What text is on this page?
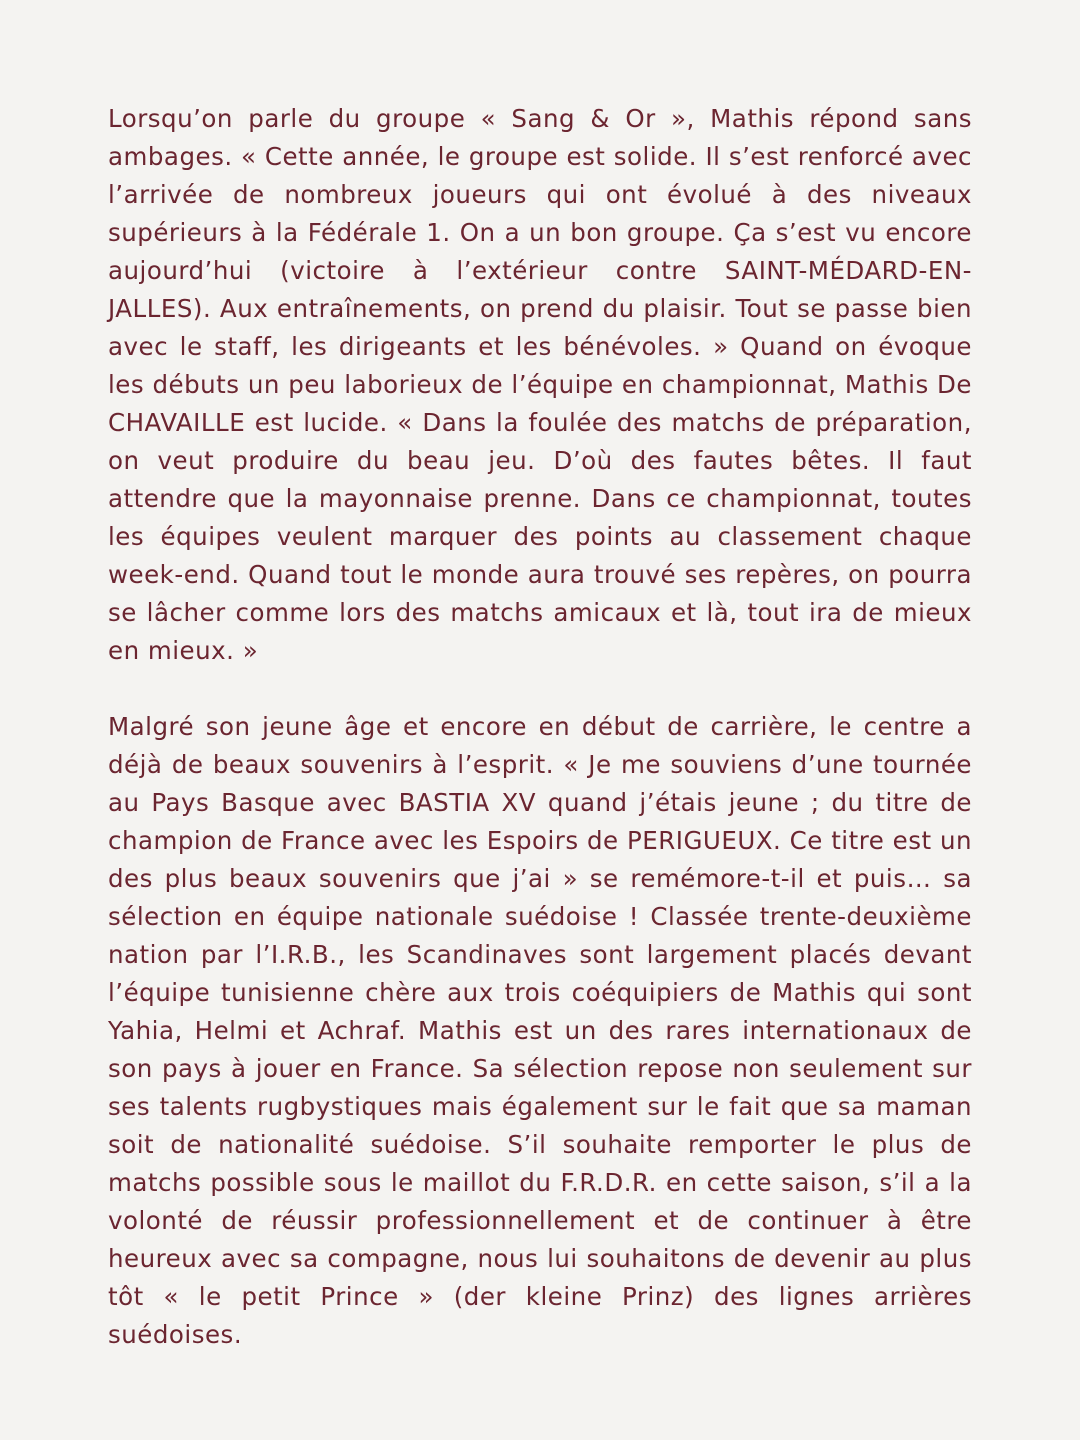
Lorsqu’on parle du groupe « Sang & Or », Mathis répond sans ambages. « Cette année, le groupe est solide. Il s’est renforcé avec l’arrivée de nombreux joueurs qui ont évolué à des niveaux supérieurs à la Fédérale 1. On a un bon groupe. Ça s’est vu encore aujourd’hui (victoire à l’extérieur contre SAINT-MÉDARD-EN-JALLES). Aux entraînements, on prend du plaisir. Tout se passe bien avec le staff, les dirigeants et les bénévoles. » Quand on évoque les débuts un peu laborieux de l’équipe en championnat, Mathis De CHAVAILLE est lucide. « Dans la foulée des matchs de préparation, on veut produire du beau jeu. D’où des fautes bêtes. Il faut attendre que la mayonnaise prenne. Dans ce championnat, toutes les équipes veulent marquer des points au classement chaque week-end. Quand tout le monde aura trouvé ses repères, on pourra se lâcher comme lors des matchs amicaux et là, tout ira de mieux en mieux. »

Malgré son jeune âge et encore en début de carrière, le centre a déjà de beaux souvenirs à l’esprit. « Je me souviens d’une tournée au Pays Basque avec BASTIA XV quand j’étais jeune ; du titre de champion de France avec les Espoirs de PERIGUEUX. Ce titre est un des plus beaux souvenirs que j’ai » se remémore-t-il et puis… sa sélection en équipe nationale suédoise ! Classée trente-deuxième nation par l’I.R.B., les Scandinaves sont largement placés devant l’équipe tunisienne chère aux trois coéquipiers de Mathis qui sont Yahia, Helmi et Achraf. Mathis est un des rares internationaux de son pays à jouer en France. Sa sélection repose non seulement sur ses talents rugbystiques mais également sur le fait que sa maman soit de nationalité suédoise. S’il souhaite remporter le plus de matchs possible sous le maillot du F.R.D.R. en cette saison, s’il a la volonté de réussir professionnellement et de continuer à être heureux avec sa compagne, nous lui souhaitons de devenir au plus tôt « le petit Prince » (der kleine Prinz) des lignes arrières suédoises.
